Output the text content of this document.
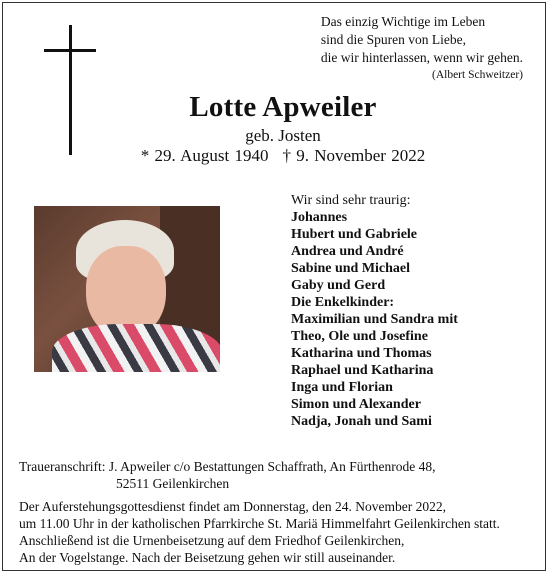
Das einzig Wichtige im Leben
sind die Spuren von Liebe,
die wir hinterlassen, wenn wir gehen.
(Albert Schweitzer)
Lotte Apweiler
geb. Josten
* 29. August 1940 † 9. November 2022
Wir sind sehr traurig:
Johannes
Hubert und Gabriele
Andrea und André
Sabine und Michael
Gaby und Gerd
Die Enkelkinder:
Maximilian und Sandra mit
Theo, Ole und Josefine
Katharina und Thomas
Raphael und Katharina
Inga und Florian
Simon und Alexander
Nadja, Jonah und Sami
Traueranschrift: J. Apweiler c/o Bestattungen Schaffrath, An Fürthenrode 48,
52511 Geilenkirchen
Der Auferstehungsgottesdienst findet am Donnerstag, den 24. November 2022,
um 11.00 Uhr in der katholischen Pfarrkirche St. Mariä Himmelfahrt Geilenkirchen statt.
Anschließend ist die Urnenbeisetzung auf dem Friedhof Geilenkirchen,
An der Vogelstange. Nach der Beisetzung gehen wir still auseinander.
